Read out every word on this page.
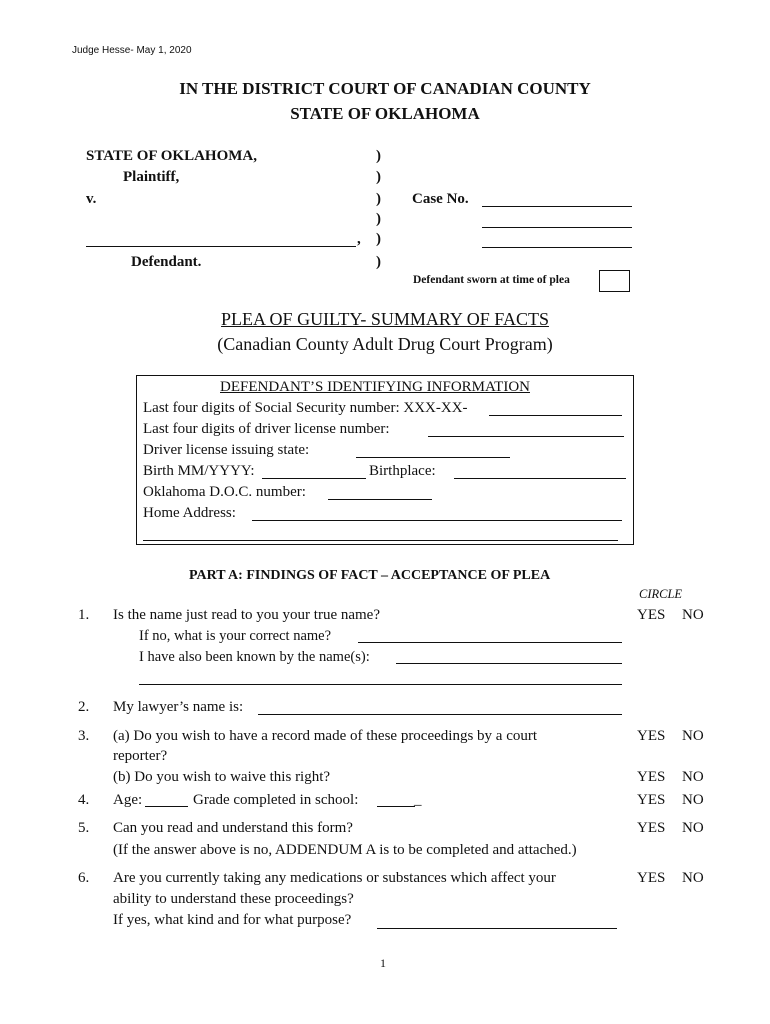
Judge Hesse- May 1, 2020
IN THE DISTRICT COURT OF CANADIAN COUNTY
STATE OF OKLAHOMA
STATE OF OKLAHOMA,
Plaintiff,
v.
,
Defendant.
)
)
)
)
)
)
Case No.
Defendant sworn at time of plea
PLEA OF GUILTY- SUMMARY OF FACTS
(Canadian County Adult Drug Court Program)
DEFENDANT’S IDENTIFYING INFORMATION
Last four digits of Social Security number: XXX-XX-
Last four digits of driver license number:
Driver license issuing state:
Birth MM/YYYY:	Birthplace:
Oklahoma D.O.C. number:
Home Address:
PART A: FINDINGS OF FACT – ACCEPTANCE OF PLEA
CIRCLE
1. Is the name just read to you your true name?	YES NO
If no, what is your correct name?
I have also been known by the name(s):
2. My lawyer’s name is:
3. (a) Do you wish to have a record made of these proceedings by a court	YES NO
reporter?
(b) Do you wish to waive this right?	YES NO
4. Age:	Grade completed in school:	_	YES NO
5. Can you read and understand this form?	YES NO
(If the answer above is no, ADDENDUM A is to be completed and attached.)
6. Are you currently taking any medications or substances which affect your	YES NO
ability to understand these proceedings?
If yes, what kind and for what purpose?
1
